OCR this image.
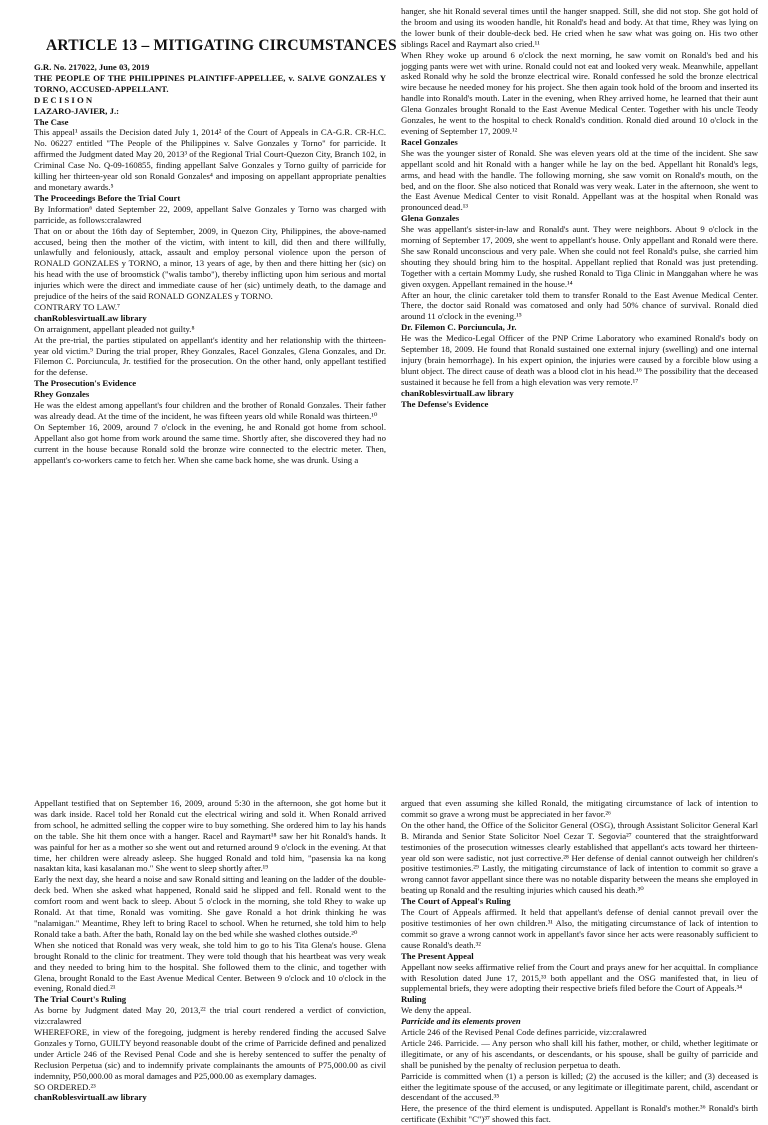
ARTICLE 13 – MITIGATING CIRCUMSTANCES

G.R. No. 217022, June 03, 2019

THE PEOPLE OF THE PHILIPPINES PLAINTIFF-APPELLEE, v. SALVE GONZALES Y TORNO, ACCUSED-APPELLANT.

D E C I S I O N

LAZARO-JAVIER, J.:

The Case

This appeal¹ assails the Decision dated July 1, 2014² of the Court of Appeals in CA-G.R. CR-H.C. No. 06227 entitled "The People of the Philippines v. Salve Gonzales y Torno" for parricide. It affirmed the Judgment dated May 20, 2013³ of the Regional Trial Court-Quezon City, Branch 102, in Criminal Case No. Q-09-160855, finding appellant Salve Gonzales y Torno guilty of parricide for killing her thirteen-year old son Ronald Gonzales⁴ and imposing on appellant appropriate penalties and monetary awards.⁵

The Proceedings Before the Trial Court

By Information⁶ dated September 22, 2009, appellant Salve Gonzales y Torno was charged with parricide, as follows:cralawred

That on or about the 16th day of September, 2009, in Quezon City, Philippines, the above-named accused, being then the mother of the victim, with intent to kill, did then and there willfully, unlawfully and feloniously, attack, assault and employ personal violence upon the person of RONALD GONZALES y TORNO, a minor, 13 years of age, by then and there hitting her (sic) on his head with the use of broomstick ("walis tambo"), thereby inflicting upon him serious and mortal injuries which were the direct and immediate cause of her (sic) untimely death, to the damage and prejudice of the heirs of the said RONALD GONZALES y TORNO.

CONTRARY TO LAW.⁷

chanRoblesvirtualLaw library

On arraignment, appellant pleaded not guilty.⁸

At the pre-trial, the parties stipulated on appellant's identity and her relationship with the thirteen-year old victim.⁹ During the trial proper, Rhey Gonzales, Racel Gonzales, Glena Gonzales, and Dr. Filemon C. Porciuncula, Jr. testified for the prosecution. On the other hand, only appellant testified for the defense.

The Prosecution's Evidence

Rhey Gonzales

He was the eldest among appellant's four children and the brother of Ronald Gonzales. Their father was already dead. At the time of the incident, he was fifteen years old while Ronald was thirteen.¹⁰

On September 16, 2009, around 7 o'clock in the evening, he and Ronald got home from school. Appellant also got home from work around the same time. Shortly after, she discovered they had no current in the house because Ronald sold the bronze wire connected to the electric meter. Then, appellant's co-workers came to fetch her. When she came back home, she was drunk. Using a

hanger, she hit Ronald several times until the hanger snapped. Still, she did not stop. She got hold of the broom and using its wooden handle, hit Ronald's head and body. At that time, Rhey was lying on the lower bunk of their double-deck bed. He cried when he saw what was going on. His two other siblings Racel and Raymart also cried.¹¹

When Rhey woke up around 6 o'clock the next morning, he saw vomit on Ronald's bed and his jogging pants were wet with urine. Ronald could not eat and looked very weak. Meanwhile, appellant asked Ronald why he sold the bronze electrical wire. Ronald confessed he sold the bronze electrical wire because he needed money for his project. She then again took hold of the broom and inserted its handle into Ronald's mouth. Later in the evening, when Rhey arrived home, he learned that their aunt Glena Gonzales brought Ronald to the East Avenue Medical Center. Together with his uncle Teody Gonzales, he went to the hospital to check Ronald's condition. Ronald died around 10 o'clock in the evening of September 17, 2009.¹²

Racel Gonzales

She was the younger sister of Ronald. She was eleven years old at the time of the incident. She saw appellant scold and hit Ronald with a hanger while he lay on the bed. Appellant hit Ronald's legs, arms, and head with the handle. The following morning, she saw vomit on Ronald's mouth, on the bed, and on the floor. She also noticed that Ronald was very weak. Later in the afternoon, she went to the East Avenue Medical Center to visit Ronald. Appellant was at the hospital when Ronald was pronounced dead.¹³

Glena Gonzales

She was appellant's sister-in-law and Ronald's aunt. They were neighbors. About 9 o'clock in the morning of September 17, 2009, she went to appellant's house. Only appellant and Ronald were there. She saw Ronald unconscious and very pale. When she could not feel Ronald's pulse, she carried him shouting they should bring him to the hospital. Appellant replied that Ronald was just pretending. Together with a certain Mommy Ludy, she rushed Ronald to Tiga Clinic in Manggahan where he was given oxygen. Appellant remained in the house.¹⁴

After an hour, the clinic caretaker told them to transfer Ronald to the East Avenue Medical Center. There, the doctor said Ronald was comatosed and only had 50% chance of survival. Ronald died around 11 o'clock in the evening.¹⁵

Dr. Filemon C. Porciuncula, Jr.

He was the Medico-Legal Officer of the PNP Crime Laboratory who examined Ronald's body on September 18, 2009. He found that Ronald sustained one external injury (swelling) and one internal injury (brain hemorrhage). In his expert opinion, the injuries were caused by a forcible blow using a blunt object. The direct cause of death was a blood clot in his head.¹⁶ The possibility that the deceased sustained it because he fell from a high elevation was very remote.¹⁷

chanRoblesvirtualLaw library

The Defense's Evidence

Appellant testified that on September 16, 2009, around 5:30 in the afternoon, she got home but it was dark inside. Racel told her Ronald cut the electrical wiring and sold it. When Ronald arrived from school, he admitted selling the copper wire to buy something. She ordered him to lay his hands on the table. She hit them once with a hanger. Racel and Raymart¹⁸ saw her hit Ronald's hands. It was painful for her as a mother so she went out and returned around 9 o'clock in the evening. At that time, her children were already asleep. She hugged Ronald and told him, "pasensia ka na kong nasaktan kita, kasi kasalanan mo." She went to sleep shortly after.¹⁹

Early the next day, she heard a noise and saw Ronald sitting and leaning on the ladder of the double-deck bed. When she asked what happened, Ronald said he slipped and fell. Ronald went to the comfort room and went back to sleep. About 5 o'clock in the morning, she told Rhey to wake up Ronald. At that time, Ronald was vomiting. She gave Ronald a hot drink thinking he was "nalamigan." Meantime, Rhey left to bring Racel to school. When he returned, she told him to help Ronald take a bath. After the bath, Ronald lay on the bed while she washed clothes outside.²⁰

When she noticed that Ronald was very weak, she told him to go to his Tita Glena's house. Glena brought Ronald to the clinic for treatment. They were told though that his heartbeat was very weak and they needed to bring him to the hospital. She followed them to the clinic, and together with Glena, brought Ronald to the East Avenue Medical Center. Between 9 o'clock and 10 o'clock in the evening, Ronald died.²¹

The Trial Court's Ruling

As borne by Judgment dated May 20, 2013,²² the trial court rendered a verdict of conviction, viz:cralawred

WHEREFORE, in view of the foregoing, judgment is hereby rendered finding the accused Salve Gonzales y Torno, GUILTY beyond reasonable doubt of the crime of Parricide defined and penalized under Article 246 of the Revised Penal Code and she is hereby sentenced to suffer the penalty of Reclusion Perpetua (sic) and to indemnify private complainants the amounts of P75,000.00 as civil indemnity, P50,000.00 as moral damages and P25,000.00 as exemplary damages.

SO ORDERED.²³

chanRoblesvirtualLaw library

argued that even assuming she killed Ronald, the mitigating circumstance of lack of intention to commit so grave a wrong must be appreciated in her favor.²⁶

On the other hand, the Office of the Solicitor General (OSG), through Assistant Solicitor General Karl B. Miranda and Senior State Solicitor Noel Cezar T. Segovia²⁷ countered that the straightforward testimonies of the prosecution witnesses clearly established that appellant's acts toward her thirteen-year old son were sadistic, not just corrective.²⁸ Her defense of denial cannot outweigh her children's positive testimonies.²⁹ Lastly, the mitigating circumstance of lack of intention to commit so grave a wrong cannot favor appellant since there was no notable disparity between the means she employed in beating up Ronald and the resulting injuries which caused his death.³⁰

The Court of Appeal's Ruling

The Court of Appeals affirmed. It held that appellant's defense of denial cannot prevail over the positive testimonies of her own children.³¹ Also, the mitigating circumstance of lack of intention to commit so grave a wrong cannot work in appellant's favor since her acts were reasonably sufficient to cause Ronald's death.³²

The Present Appeal

Appellant now seeks affirmative relief from the Court and prays anew for her acquittal. In compliance with Resolution dated June 17, 2015,³³ both appellant and the OSG manifested that, in lieu of supplemental briefs, they were adopting their respective briefs filed before the Court of Appeals.³⁴

Ruling

We deny the appeal.

Parricide and its elements proven

Article 246 of the Revised Penal Code defines parricide, viz:cralawred

Article 246. Parricide. — Any person who shall kill his father, mother, or child, whether legitimate or illegitimate, or any of his ascendants, or descendants, or his spouse, shall be guilty of parricide and shall be punished by the penalty of reclusion perpetua to death.

Parricide is committed when (1) a person is killed; (2) the accused is the killer; and (3) deceased is either the legitimate spouse of the accused, or any legitimate or illegitimate parent, child, ascendant or descendant of the accused.³⁵

Here, the presence of the third element is undisputed. Appellant is Ronald's mother.³⁶ Ronald's birth certificate (Exhibit "C")³⁷ showed this fact.
